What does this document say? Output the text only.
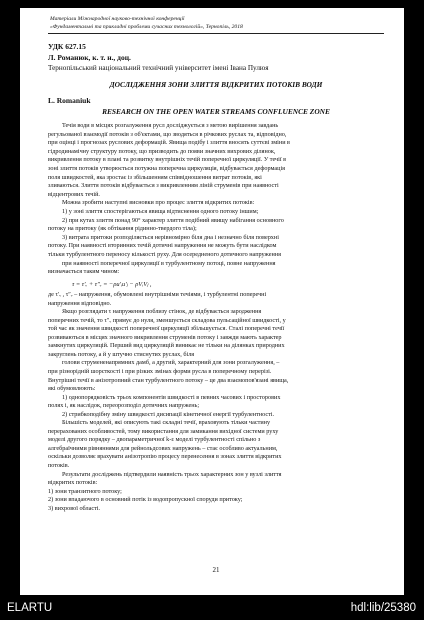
Матеріали Міжнародної науково-технічної конференції
«Фундаментальні та прикладні проблеми сучасних технологій», Тернопіль, 2018
УДК 627.15
Л. Романюк, к. т. н., доц.
Тернопільський національний технічний університет імені Івана Пулюя
ДОСЛІДЖЕННЯ ЗОНИ ЗЛИТТЯ ВІДКРИТИХ ПОТОКІВ ВОДИ
L. Romaniuk
RESEARCH ON THE OPEN WATER STREAMS CONFLUENCE ZONE
Течія води в місцях розгалуження русл досліджується з метою вирішення завдань
регульованої взаємодії потоків з об'єктами, що зводяться в річкових руслах та, відповідно,
при оцінці і прогнозах руслових деформацій. Явища подібу і злиття вносять суттєві зміни в
гідродинамічну структуру потоку, що призводить до появи значних вихрових ділянок,
викривлення потоку в плані та розвитку внутрішніх течій поперечної циркуляції. У течії в
зоні злиття потоків утворюється потужна поперечна циркуляція, відбувається деформація
поля швидкостей, яка зростає із збільшенням співвідношення витрат потоків, які
зливаються. Злиття потоків відбувається з викривленням ліній струменів при наявності
відцентрових течій.
Можна зробити наступні висновки про процес злиття відкритих потоків:
1) у зоні злиття спостерігаються явища відтиснення одного потоку іншим;
2) при кутах злиття понад 90° характер злиття подібний явищу набігання основного
потоку на притоку (як обтікання рідинно-твердого тіла);
3) витрата притоки розподіляється нерівномірно біля дна і незначно біля поверхні
потоку. При наявності вторинних течій дотичні напруження не можуть бути наслідком
тільки турбулентного переносу кількості руху. Для осередненого дотичного напруження
при наявності поперечної циркуляції в турбулентному потоці, повне напруження
визначається таким чином:
τ = τ′ᵥ + τ″ᵥ = −ρu′ᵢu′ⱼ − ρVᵢVⱼ ,
де τ′ᵥ , τ″ᵥ – напруження, обумовлені внутрішніми течіями, і турбулентні поперечні
напруження відповідно.
Якщо розглядати τ напруження поблизу стінок, де відбувається зародження
поперечних течій, то τ″ᵥ прямує до нуля, зменшується складова пульсаційної швидкості, у
той час як значення швидкості поперечної циркуляції збільшується. Сталі поперечні течії
розвиваються в місцях значного викривлення струменів потоку і завжди мають характер
замкнутих циркуляцій. Перший вид циркуляцій виникає не тільки на ділянках природних
закруглень потоку, а й у штучно стиснутих руслах, біля
голови струмененапрямних дамб, а другий, характерний для зони розгалуження, –
при різнорідній шорсткості і при різких змінах форми русла в поперечному перерізі.
Внутрішні течії в анізотропний стан турбулентного потоку – це два взаємопов'язані явища,
які обумовлюють:
1) однопорядковість трьох компонентів швидкості в певних часових і просторових
полях і, як наслідок, переорозподіл дотичних напружень;
2) стрибкоподібну зміну швидкості дисипації кінетичної енергії турбулентності.
Більшість моделей, які описують такі складні течії, враховують тільки частину
перерахованих особливостей, тому використання для замикання вихідної системи руху
моделі другого порядку – двопараметричної k-ε моделі турбулентності спільно з
алгебраїчними рівняннями для рейнольдсових напружень – стає особливо актуальним,
оскільки дозволяє врахувати анізотропію процесу перенесення в зонах злиття відкритих
потоків.
Результати досліджень підтвердили наявність трьох характерних зон у вузлі злиття
відкритих потоків:
1) зони транзитного потоку;
2) зони впадаючого в основний потік із водопропускної споруди притоку;
3) вихрової області.
21
ELARTU	hdl:lib/25380
